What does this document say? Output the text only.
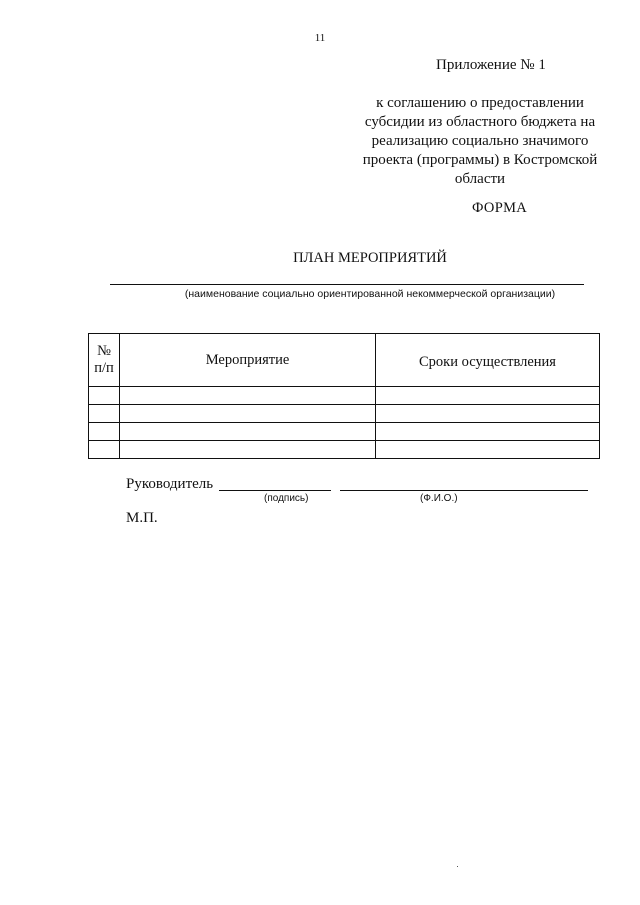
11
Приложение № 1
к соглашению о предоставлении
субсидии из областного бюджета на
реализацию социально значимого
проекта (программы) в Костромской
области
ФОРМА
ПЛАН МЕРОПРИЯТИЙ
(наименование социально ориентированной некоммерческой организации)
№
п/п	Мероприятие	Сроки осуществления

Руководитель
(подпись)	(Ф.И.О.)
М.П.
